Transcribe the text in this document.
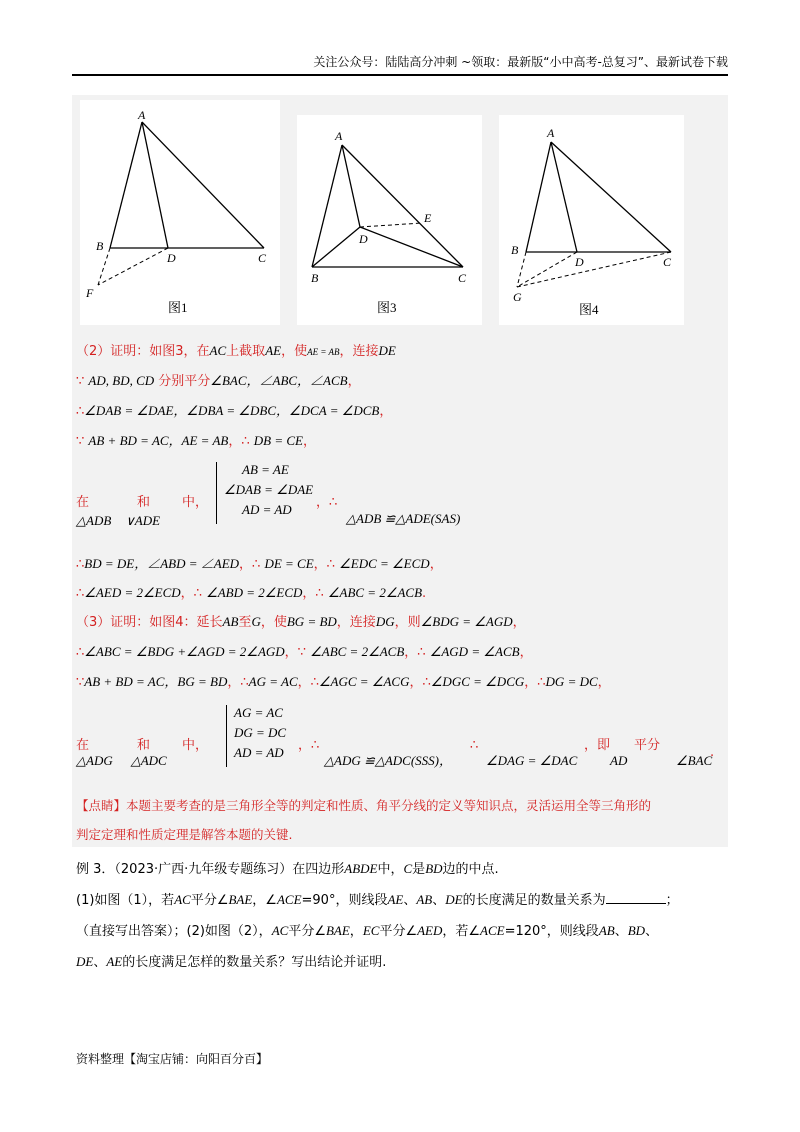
关注公众号：陆陆高分冲刺 ~领取：最新版“小中高考-总复习”、最新试卷下载
A
B
D	C
F
图1
A
E
D
B	C
图3
A
B
D	C
G
图4
（2）证明：如图3，在AC上截取AE，使AE = AB，连接DE
∵ AD, BD, CD 分别平分∠BAC，∠ABC，∠ACB，
∴∠DAB = ∠DAE，∠DBA = ∠DBC，∠DCA = ∠DCB，
∵ AB + BD = AC，AE = AB，∴ DB = CE，
在	和 中，
△ADB ∨ADE
AB = AE
∠DAB = ∠DAE
AD = AD	，∴
△ADB ≌△ADE(SAS)
∴BD = DE，∠ABD = ∠AED，∴ DE = CE，∴ ∠EDC = ∠ECD，
∴∠AED = 2∠ECD，∴ ∠ABD = 2∠ECD，∴ ∠ABC = 2∠ACB.
（3）证明：如图4：延长AB至G，使BG = BD，连接DG，则∠BDG = ∠AGD，
∴∠ABC = ∠BDG +∠AGD = 2∠AGD，∵ ∠ABC = 2∠ACB，∴ ∠AGD = ∠ACB，
∵AB + BD = AC，BG = BD，∴AG = AC，∴∠AGC = ∠ACG，∴∠DGC = ∠DCG，∴DG = DC，
在	和 中，
△ADG △ADC
AG = AC
DG = DC
AD = AD ，∴
△ADG ≌△ADC(SSS)，
∴
∠DAG = ∠DAC
，即
AD
平分
∠BAC
.
【点睛】本题主要考查的是三角形全等的判定和性质、角平分线的定义等知识点，灵活运用全等三角形的
判定定理和性质定理是解答本题的关键.
例 3．（2023·广西·九年级专题练习）在四边形ABDE中，C是BD边的中点.
(1)如图（1），若AC平分∠BAE，∠ACE=90°，则线段AE、AB、DE的长度满足的数量关系为	；
（直接写出答案）；(2)如图（2），AC平分∠BAE，EC平分∠AED，若∠ACE=120°，则线段AB、BD、
DE、AE的长度满足怎样的数量关系？写出结论并证明.
资料整理【淘宝店铺：向阳百分百】
